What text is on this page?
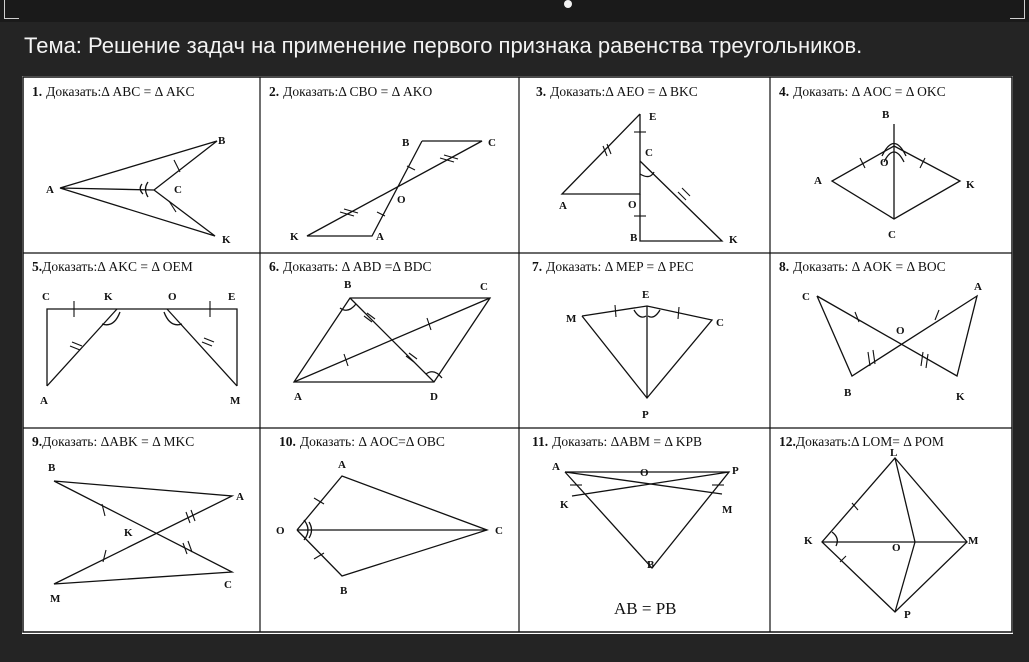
Тема: Решение задач на применение первого признака равенства треугольников.
1. Доказать:Δ ABC = Δ AKC
B
A	C
K
2. Доказать:Δ CBO = Δ AKO
B	C
O
K	A
3. Доказать:Δ AEO = Δ BKC
E
C
A	O
B	K
4. Доказать: Δ AOC = Δ OKC
B
O
A	K
C
5.Доказать:Δ AKC = Δ OEM
C	K	O	E
A	M
6. Доказать: Δ ABD =Δ BDC
B	C
A	D
7. Доказать: Δ MEP = Δ PEC
E
M	C
P
8. Доказать: Δ AOK = Δ BOC
C
A
O
B	K
9.Доказать: ΔABK = Δ MKC
B
A
K
C
M
10. Доказать: Δ AOC=Δ OBC
A
O	C
B
11. Доказать: ΔABM = Δ KPB
A	O	P
K	M
B
AB = PB
12.Доказать:Δ LOM= Δ POM
L
K
O
M
P
